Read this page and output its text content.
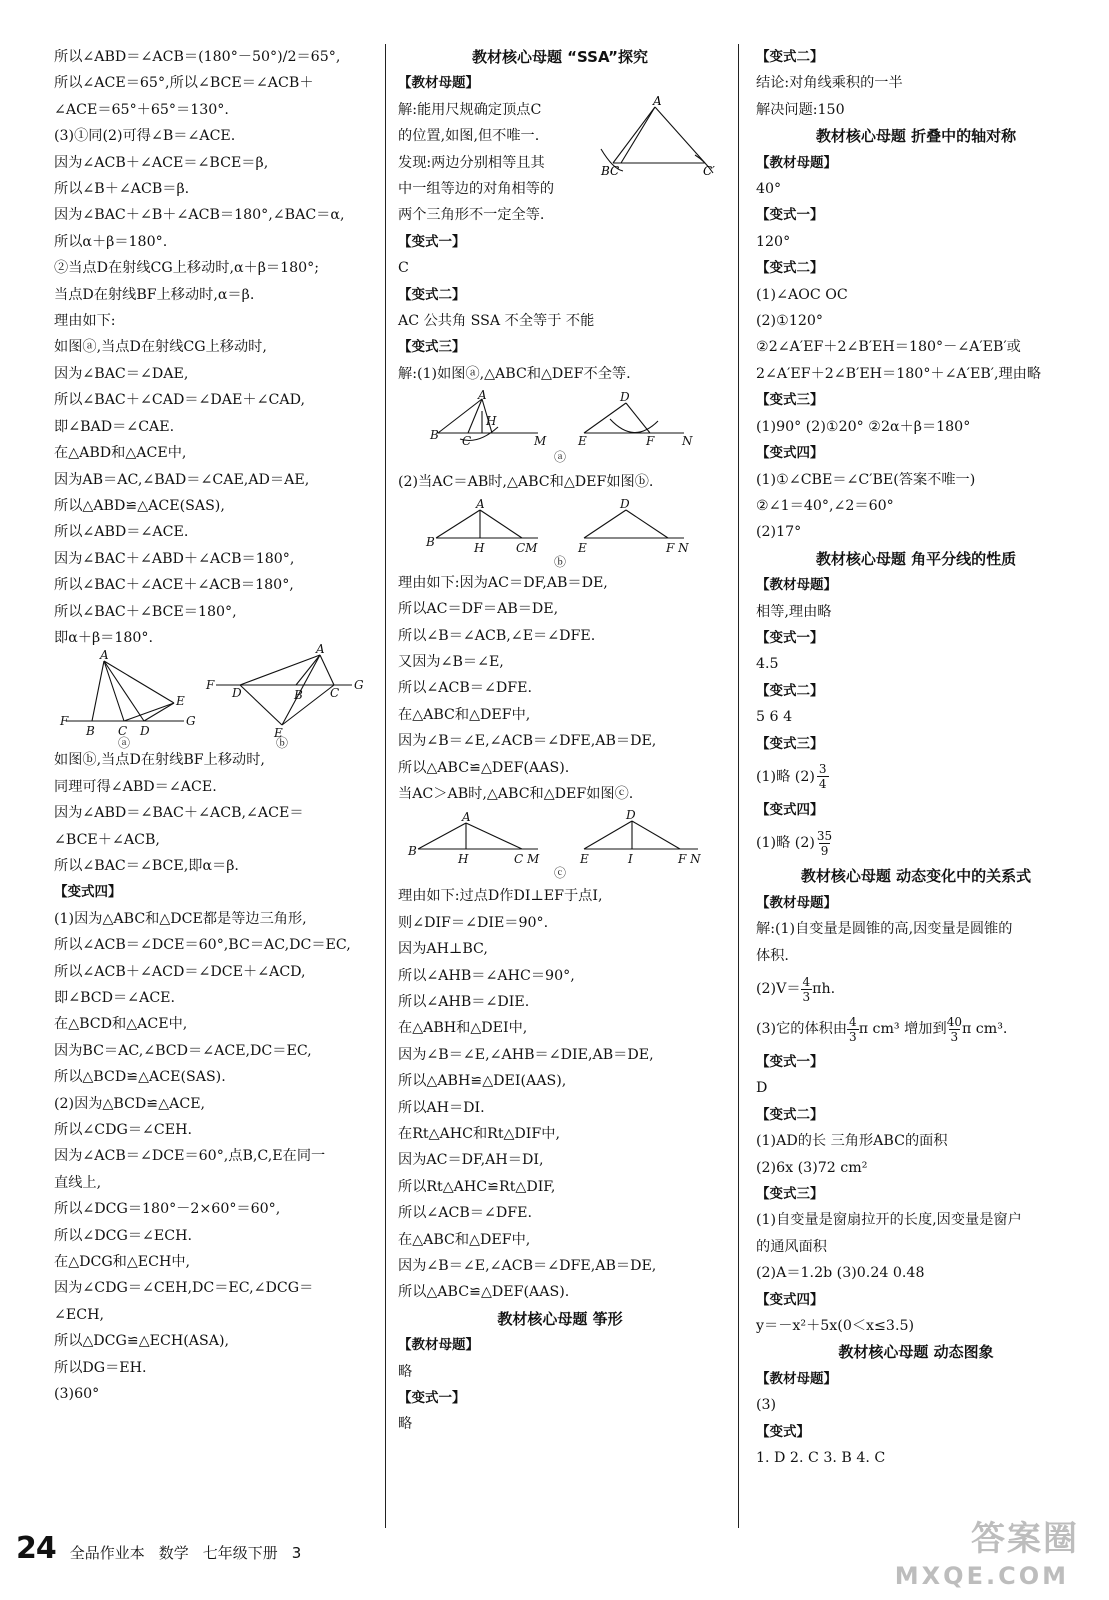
所以∠ABD＝∠ACB＝(180°－50°)/2＝65°,
所以∠ACE＝65°,所以∠BCE＝∠ACB＋
∠ACE＝65°＋65°＝130°.
(3)①同(2)可得∠B＝∠ACE.
因为∠ACB＋∠ACE＝∠BCE＝β,
所以∠B＋∠ACB＝β.
因为∠BAC＋∠B＋∠ACB＝180°,∠BAC＝α,
所以α＋β＝180°.
②当点D在射线CG上移动时,α＋β＝180°;
当点D在射线BF上移动时,α＝β.
理由如下:
如图ⓐ,当点D在射线CG上移动时,
因为∠BAC＝∠DAE,
所以∠BAC＋∠CAD＝∠DAE＋∠CAD,
即∠BAD＝∠CAE.
在△ABD和△ACE中,
因为AB＝AC,∠BAD＝∠CAE,AD＝AE,
所以△ABD≌△ACE(SAS),
所以∠ABD＝∠ACE.
因为∠BAC＋∠ABD＋∠ACB＝180°,
所以∠BAC＋∠ACE＋∠ACB＝180°,
所以∠BAC＋∠BCE＝180°,
即α＋β＝180°.
A
F
B C D
E
G
ⓐ
F
D	B C
G
A
E
ⓑ
如图ⓑ,当点D在射线BF上移动时,
同理可得∠ABD＝∠ACE.
因为∠ABD＝∠BAC＋∠ACB,∠ACE＝
∠BCE＋∠ACB,
所以∠BAC＝∠BCE,即α＝β.
【变式四】
(1)因为△ABC和△DCE都是等边三角形,
所以∠ACB＝∠DCE＝60°,BC＝AC,DC＝EC,
所以∠ACB＋∠ACD＝∠DCE＋∠ACD,
即∠BCD＝∠ACE.
在△BCD和△ACE中,
因为BC＝AC,∠BCD＝∠ACE,DC＝EC,
所以△BCD≌△ACE(SAS).
(2)因为△BCD≌△ACE,
所以∠CDG＝∠CEH.
因为∠ACB＝∠DCE＝60°,点B,C,E在同一
直线上,
所以∠DCG＝180°－2×60°＝60°,
所以∠DCG＝∠ECH.
在△DCG和△ECH中,
因为∠CDG＝∠CEH,DC＝EC,∠DCG＝
∠ECH,
所以△DCG≌△ECH(ASA),
所以DG＝EH.
(3)60°
教材核心母题 “SSA”探究
【教材母题】
解:能用尺规确定顶点C
的位置,如图,但不唯一.
发现:两边分别相等且其
中一组等边的对角相等的
两个三角形不一定全等.
A
BC	C′
【变式一】
C
【变式二】
AC 公共角 SSA 不全等于 不能
【变式三】
解:(1)如图ⓐ,△ABC和△DEF不全等.
A
B C
H
M
D
E	F N
ⓐ
(2)当AC＝AB时,△ABC和△DEF如图ⓑ.
A
B	H	CM
D
E	F N
ⓑ
理由如下:因为AC＝DF,AB＝DE,
所以AC＝DF＝AB＝DE,
所以∠B＝∠ACB,∠E＝∠DFE.
又因为∠B＝∠E,
所以∠ACB＝∠DFE.
在△ABC和△DEF中,
因为∠B＝∠E,∠ACB＝∠DFE,AB＝DE,
所以△ABC≌△DEF(AAS).
当AC＞AB时,△ABC和△DEF如图ⓒ.
A
B
H	C M
D
E	I	F N
ⓒ
理由如下:过点D作DI⊥EF于点I,
则∠DIF＝∠DIE＝90°.
因为AH⊥BC,
所以∠AHB＝∠AHC＝90°,
所以∠AHB＝∠DIE.
在△ABH和△DEI中,
因为∠B＝∠E,∠AHB＝∠DIE,AB＝DE,
所以△ABH≌△DEI(AAS),
所以AH＝DI.
在Rt△AHC和Rt△DIF中,
因为AC＝DF,AH＝DI,
所以Rt△AHC≌Rt△DIF,
所以∠ACB＝∠DFE.
在△ABC和△DEF中,
因为∠B＝∠E,∠ACB＝∠DFE,AB＝DE,
所以△ABC≌△DEF(AAS).
教材核心母题 筝形
【教材母题】
略
【变式一】
略
【变式二】
结论:对角线乘积的一半
解决问题:150
教材核心母题 折叠中的轴对称
【教材母题】
40°
【变式一】
120°
【变式二】
(1)∠AOC OC
(2)①120°
②2∠A′EF＋2∠B′EH＝180°－∠A′EB′或
2∠A′EF＋2∠B′EH＝180°＋∠A′EB′,理由略
【变式三】
(1)90° (2)①20° ②2α＋β＝180°
【变式四】
(1)①∠CBE＝∠C′BE(答案不唯一)
②∠1＝40°,∠2＝60°
(2)17°
教材核心母题 角平分线的性质
【教材母题】
相等,理由略
【变式一】
4.5
【变式二】
5 6 4
【变式三】
(1)略 (2) 3
4
【变式四】
(1)略 (2) 35
9
教材核心母题 动态变化中的关系式
【教材母题】
解:(1)自变量是圆锥的高,因变量是圆锥的
体积.
(2)V＝ 4
3 πh.
(3)它的体积由 4
3 π cm³ 增加到 40
3 π cm³.
【变式一】
D
【变式二】
(1)AD的长 三角形ABC的面积
(2)6x (3)72 cm²
【变式三】
(1)自变量是窗扇拉开的长度,因变量是窗户
的通风面积
(2)A＝1.2b (3)0.24 0.48
【变式四】
y＝－x²＋5x(0＜x≤3.5)
教材核心母题 动态图象
【教材母题】
(3)
【变式】
1. D 2. C 3. B 4. C
24 全品作业本 数学 七年级下册 3	答案圈
MXQE.COM
